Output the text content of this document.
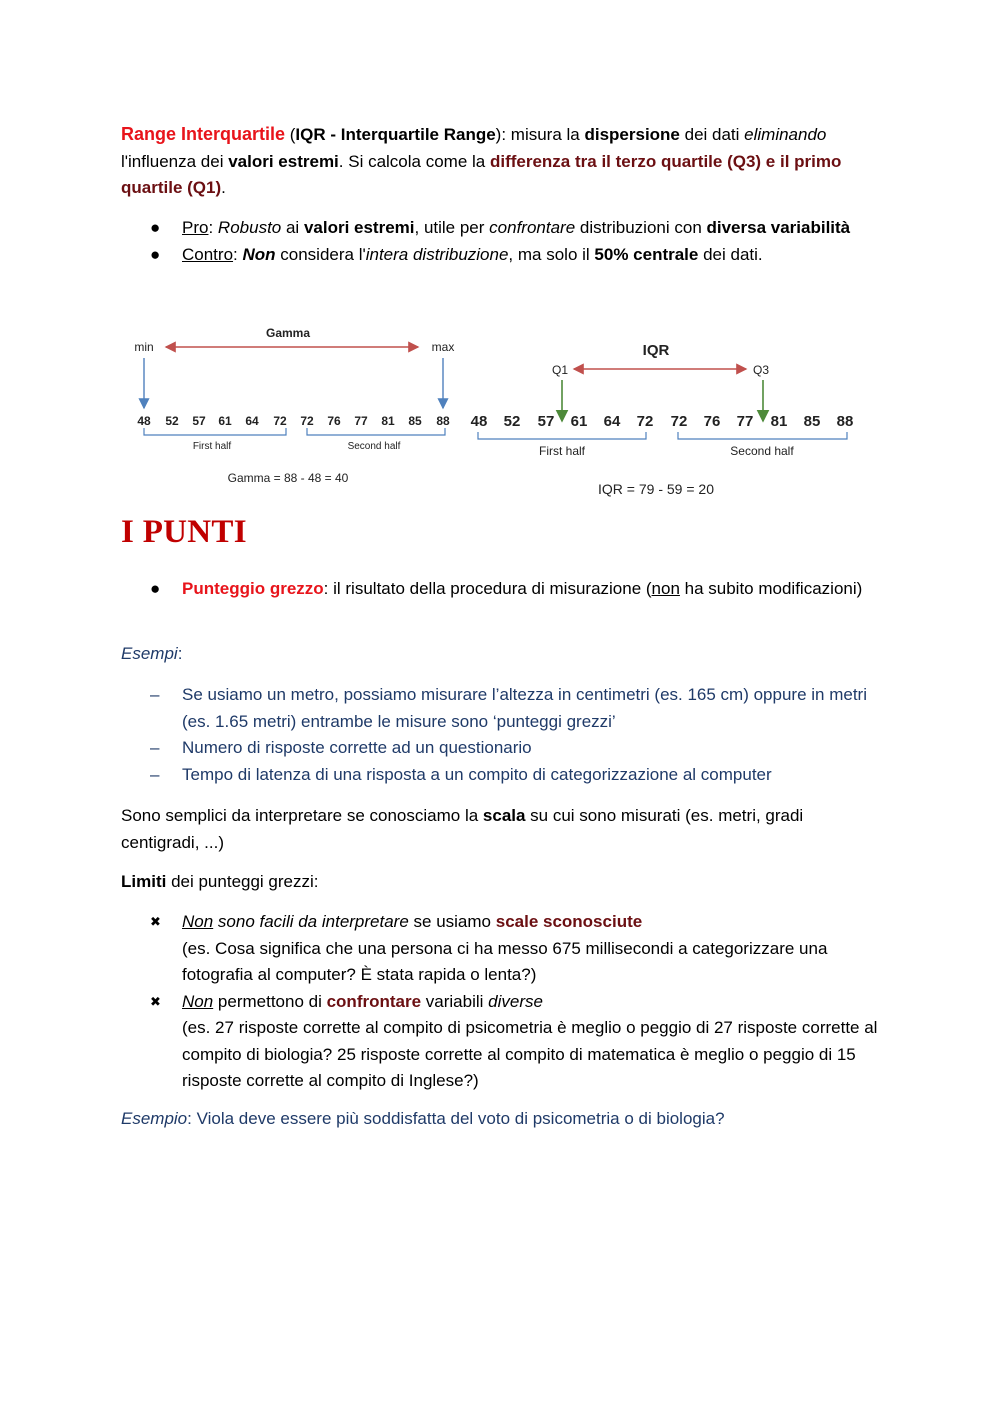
Range Interquartile (IQR - Interquartile Range): misura la dispersione dei dati eliminando l'influenza dei valori estremi. Si calcola come la differenza tra il terzo quartile (Q3) e il primo quartile (Q1).
● Pro: Robusto ai valori estremi, utile per confrontare distribuzioni con diversa variabilità
● Contro: Non considera l'intera distribuzione, ma solo il 50% centrale dei dati.
Gamma
min	max
48 52 57 61 64 72 72 76 77 81 85 88
First half	Second half
Gamma = 88 - 48 = 40
IQR
Q1	Q3
48 52 57 61 64 72 72 76 77 81 85 88
First half	Second half
IQR = 79 - 59 = 20
I PUNTI
● Punteggio grezzo: il risultato della procedura di misurazione (non ha subito modificazioni)
Esempi:
– Se usiamo un metro, possiamo misurare l’altezza in centimetri (es. 165 cm) oppure in metri (es. 1.65 metri) entrambe le misure sono ‘punteggi grezzi’
– Numero di risposte corrette ad un questionario
– Tempo di latenza di una risposta a un compito di categorizzazione al computer
Sono semplici da interpretare se conosciamo la scala su cui sono misurati (es. metri, gradi centigradi, ...)
Limiti dei punteggi grezzi:
✖ Non sono facili da interpretare se usiamo scale sconosciute
(es. Cosa significa che una persona ci ha messo 675 millisecondi a categorizzare una fotografia al computer? È stata rapida o lenta?)
✖ Non permettono di confrontare variabili diverse
(es. 27 risposte corrette al compito di psicometria è meglio o peggio di 27 risposte corrette al compito di biologia? 25 risposte corrette al compito di matematica è meglio o peggio di 15 risposte corrette al compito di Inglese?)
Esempio: Viola deve essere più soddisfatta del voto di psicometria o di biologia?
